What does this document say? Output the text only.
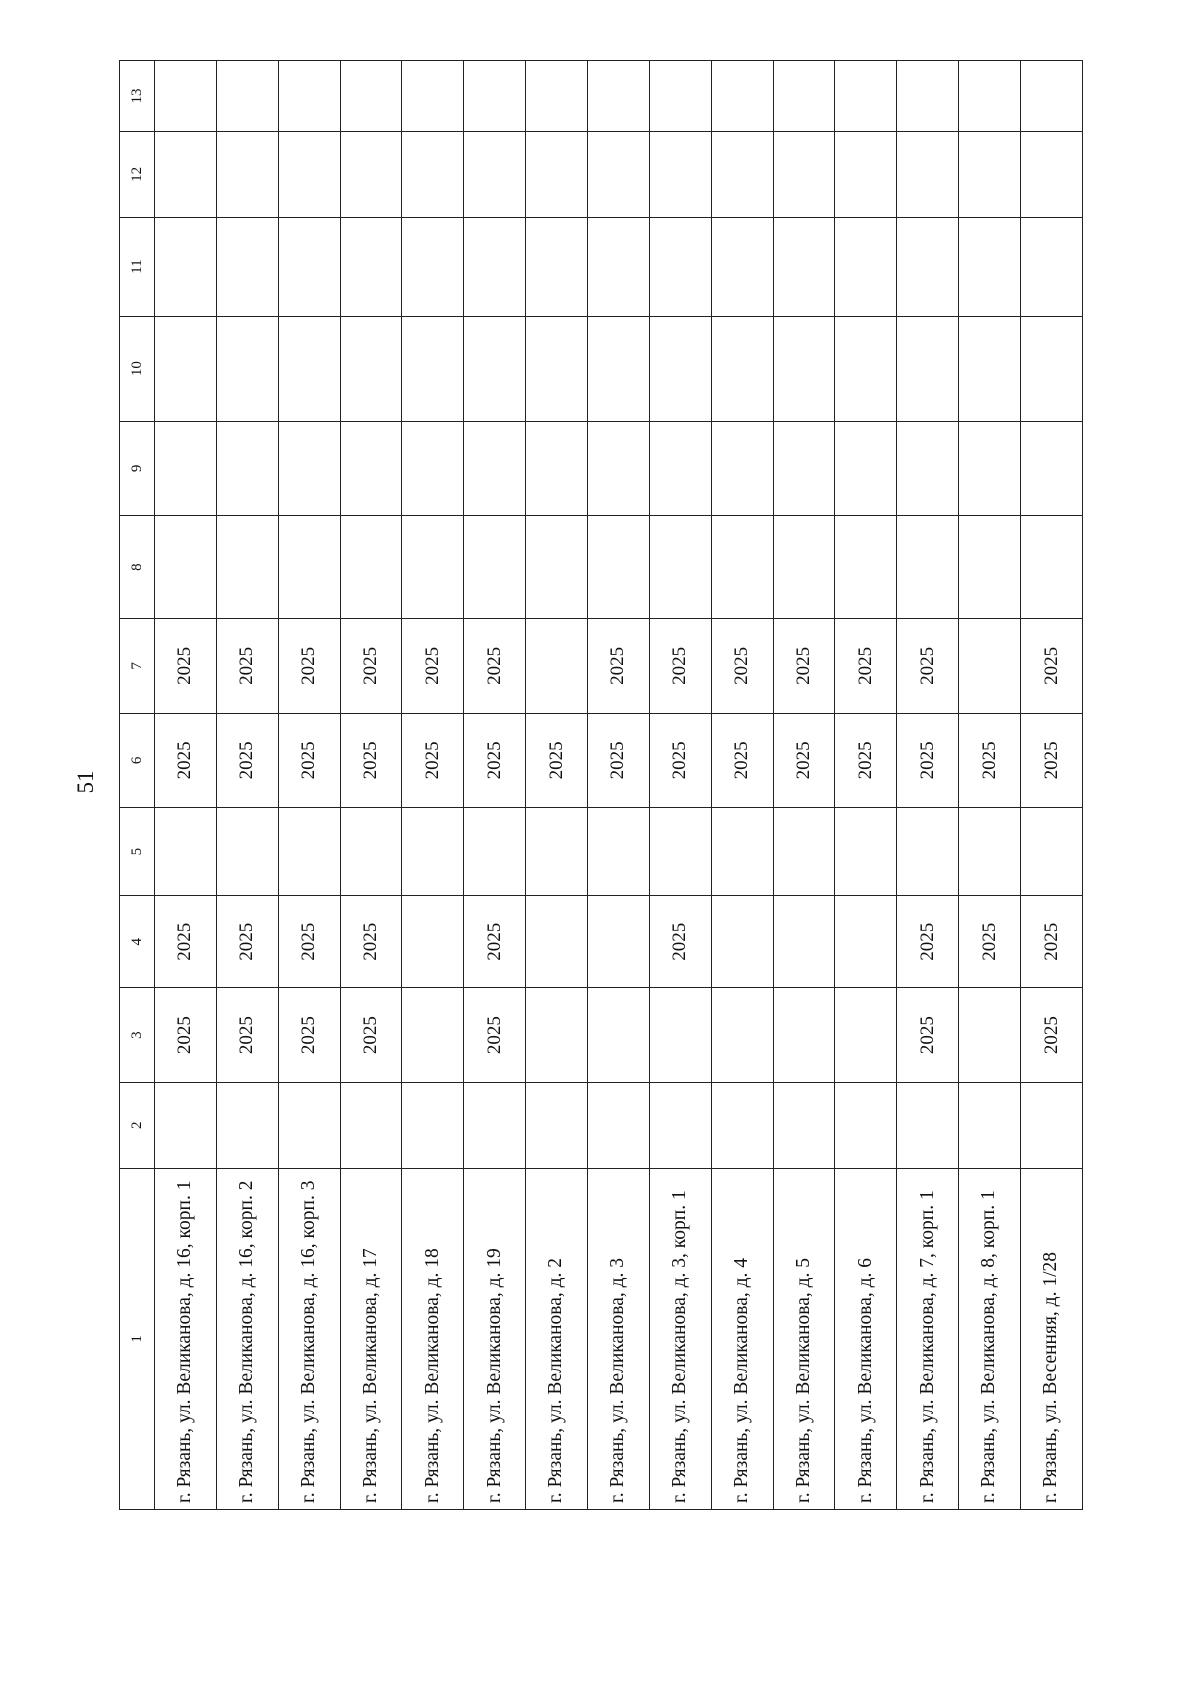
51
1	2	3	4	5	6	7	8	9	10	11	12	13
г. Рязань, ул. Великанова, д. 16, корп. 1		2025	2025		2025	2025						
г. Рязань, ул. Великанова, д. 16, корп. 2		2025	2025		2025	2025						
г. Рязань, ул. Великанова, д. 16, корп. 3		2025	2025		2025	2025						
г. Рязань, ул. Великанова, д. 17		2025	2025		2025	2025						
г. Рязань, ул. Великанова, д. 18					2025	2025						
г. Рязань, ул. Великанова, д. 19		2025	2025		2025	2025						
г. Рязань, ул. Великанова, д. 2					2025							
г. Рязань, ул. Великанова, д. 3					2025	2025						
г. Рязань, ул. Великанова, д. 3, корп. 1			2025		2025	2025						
г. Рязань, ул. Великанова, д. 4					2025	2025						
г. Рязань, ул. Великанова, д. 5					2025	2025						
г. Рязань, ул. Великанова, д. 6					2025	2025						
г. Рязань, ул. Великанова, д. 7, корп. 1		2025	2025		2025	2025						
г. Рязань, ул. Великанова, д. 8, корп. 1			2025		2025							
г. Рязань, ул. Весенняя, д. 1/28		2025	2025		2025	2025						
